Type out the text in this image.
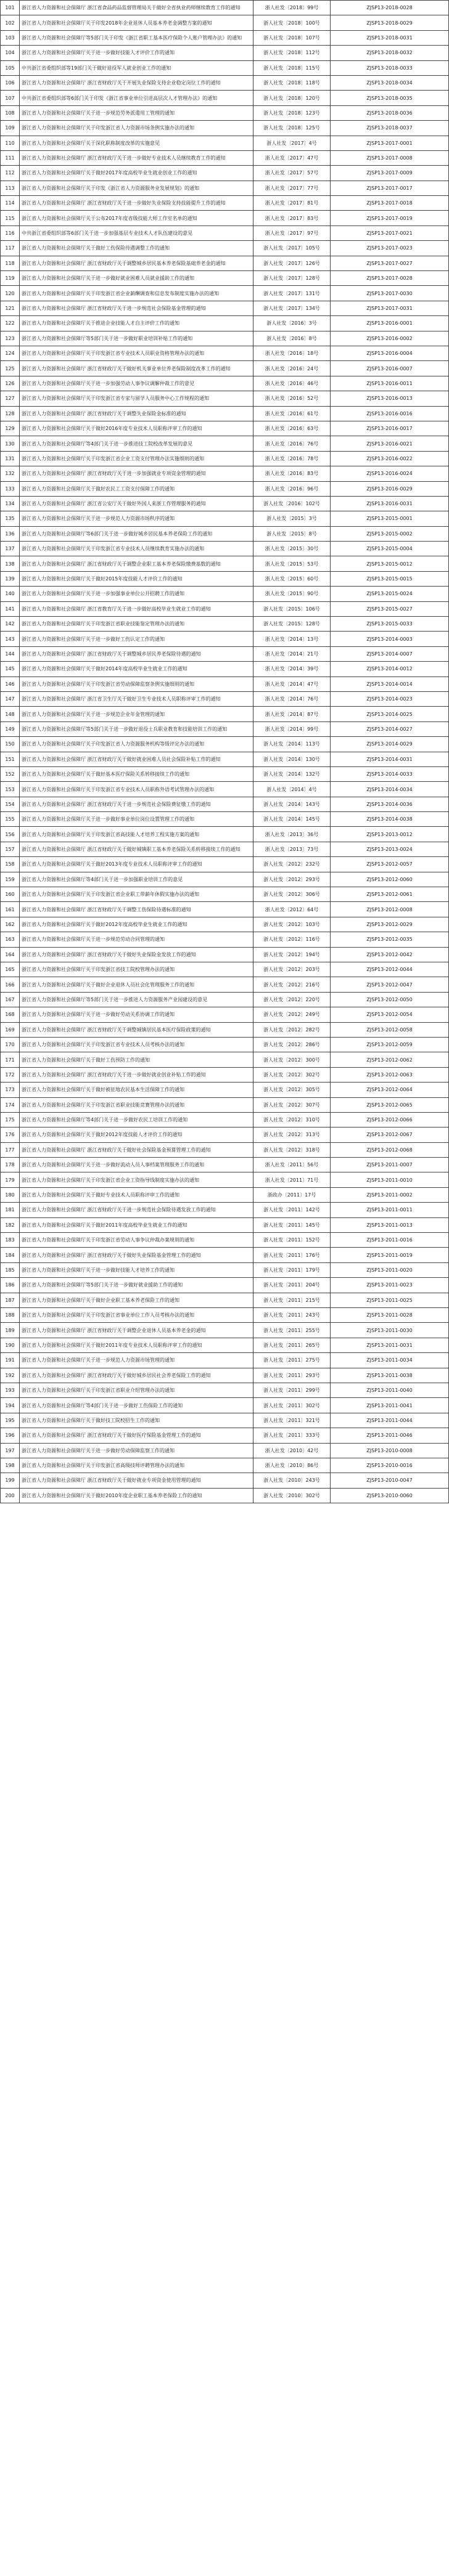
101	浙江省人力资源和社会保障厅 浙江省食品药品监督管理局关于做好全省执业药师继续教育工作的通知	浙人社发〔2018〕99号	ZJSP13-2018-0028
102	浙江省人力资源和社会保障厅关于印发2018年企业退休人员基本养老金调整方案的通知	浙人社发〔2018〕100号	ZJSP13-2018-0029
103	浙江省人力资源和社会保障厅等5部门关于印发《浙江省职工基本医疗保险个人账户管理办法》的通知	浙人社发〔2018〕107号	ZJSP13-2018-0031
104	浙江省人力资源和社会保障厅关于进一步做好技能人才评价工作的通知	浙人社发〔2018〕112号	ZJSP13-2018-0032
105	中共浙江省委组织部等19部门关于做好退役军人就业创业工作的通知	浙人社发〔2018〕115号	ZJSP13-2018-0033
106	浙江省人力资源和社会保障厅 浙江省财政厅关于开展失业保险支持企业稳定岗位工作的通知	浙人社发〔2018〕118号	ZJSP13-2018-0034
107	中共浙江省委组织部等6部门关于印发《浙江省事业单位引进高层次人才管理办法》的通知	浙人社发〔2018〕120号	ZJSP13-2018-0035
108	浙江省人力资源和社会保障厅关于进一步规范劳务派遣用工管理的通知	浙人社发〔2018〕123号	ZJSP13-2018-0036
109	浙江省人力资源和社会保障厅关于印发浙江省人力资源市场条例实施办法的通知	浙人社发〔2018〕125号	ZJSP13-2018-0037
110	浙江省人力资源和社会保障厅关于深化职称制度改革的实施意见	浙人社发〔2017〕4号	ZJSP13-2017-0001
111	浙江省人力资源和社会保障厅 浙江省财政厅关于进一步做好专业技术人员继续教育工作的通知	浙人社发〔2017〕47号	ZJSP13-2017-0008
112	浙江省人力资源和社会保障厅关于做好2017年度高校毕业生就业创业工作的通知	浙人社发〔2017〕57号	ZJSP13-2017-0009
113	浙江省人力资源和社会保障厅关于印发《浙江省人力资源服务业发展规划》的通知	浙人社发〔2017〕77号	ZJSP13-2017-0017
114	浙江省人力资源和社会保障厅 浙江省财政厅关于进一步做好失业保险支持技能提升工作的通知	浙人社发〔2017〕81号	ZJSP13-2017-0018
115	浙江省人力资源和社会保障厅关于公布2017年度省级技能大师工作室名单的通知	浙人社发〔2017〕83号	ZJSP13-2017-0019
116	中共浙江省委组织部等6部门关于进一步加强基层专业技术人才队伍建设的意见	浙人社发〔2017〕97号	ZJSP13-2017-0021
117	浙江省人力资源和社会保障厅关于做好工伤保险待遇调整工作的通知	浙人社发〔2017〕105号	ZJSP13-2017-0023
118	浙江省人力资源和社会保障厅 浙江省财政厅关于调整城乡居民基本养老保险基础养老金的通知	浙人社发〔2017〕126号	ZJSP13-2017-0027
119	浙江省人力资源和社会保障厅关于进一步做好就业困难人员就业援助工作的通知	浙人社发〔2017〕128号	ZJSP13-2017-0028
120	浙江省人力资源和社会保障厅关于印发浙江省企业薪酬调查和信息发布制度实施办法的通知	浙人社发〔2017〕131号	ZJSP13-2017-0030
121	浙江省人力资源和社会保障厅 浙江省财政厅关于进一步规范社会保险基金管理的通知	浙人社发〔2017〕134号	ZJSP13-2017-0031
122	浙江省人力资源和社会保障厅关于推进企业技能人才自主评价工作的通知	浙人社发〔2016〕3号	ZJSP13-2016-0001
123	浙江省人力资源和社会保障厅等5部门关于进一步做好职业培训补贴工作的通知	浙人社发〔2016〕8号	ZJSP13-2016-0002
124	浙江省人力资源和社会保障厅关于印发浙江省专业技术人员职业资格管理办法的通知	浙人社发〔2016〕18号	ZJSP13-2016-0004
125	浙江省人力资源和社会保障厅 浙江省财政厅关于做好机关事业单位养老保险制度改革工作的通知	浙人社发〔2016〕24号	ZJSP13-2016-0007
126	浙江省人力资源和社会保障厅关于进一步加强劳动人事争议调解仲裁工作的意见	浙人社发〔2016〕46号	ZJSP13-2016-0011
127	浙江省人力资源和社会保障厅关于印发浙江省专家与留学人员服务中心工作规程的通知	浙人社发〔2016〕52号	ZJSP13-2016-0013
128	浙江省人力资源和社会保障厅 浙江省财政厅关于调整失业保险金标准的通知	浙人社发〔2016〕61号	ZJSP13-2016-0016
129	浙江省人力资源和社会保障厅关于做好2016年度专业技术人员职称评审工作的通知	浙人社发〔2016〕63号	ZJSP13-2016-0017
130	浙江省人力资源和社会保障厅等4部门关于进一步推进技工院校改革发展的意见	浙人社发〔2016〕76号	ZJSP13-2016-0021
131	浙江省人力资源和社会保障厅关于印发浙江省企业工资支付管理办法实施细则的通知	浙人社发〔2016〕78号	ZJSP13-2016-0022
132	浙江省人力资源和社会保障厅 浙江省财政厅关于进一步加强就业专项资金管理的通知	浙人社发〔2016〕83号	ZJSP13-2016-0024
133	浙江省人力资源和社会保障厅关于做好农民工工资支付保障工作的通知	浙人社发〔2016〕96号	ZJSP13-2016-0029
134	浙江省人力资源和社会保障厅 浙江省公安厅关于做好外国人来浙工作管理服务的通知	浙人社发〔2016〕102号	ZJSP13-2016-0031
135	浙江省人力资源和社会保障厅关于进一步规范人力资源市场秩序的通知	浙人社发〔2015〕3号	ZJSP13-2015-0001
136	浙江省人力资源和社会保障厅等6部门关于进一步做好城乡居民基本养老保险工作的通知	浙人社发〔2015〕8号	ZJSP13-2015-0002
137	浙江省人力资源和社会保障厅关于印发浙江省专业技术人员继续教育实施办法的通知	浙人社发〔2015〕30号	ZJSP13-2015-0004
138	浙江省人力资源和社会保障厅 浙江省财政厅关于调整企业职工基本养老保险缴费基数的通知	浙人社发〔2015〕53号	ZJSP13-2015-0012
139	浙江省人力资源和社会保障厅关于做好2015年度技能人才评价工作的通知	浙人社发〔2015〕60号	ZJSP13-2015-0015
140	浙江省人力资源和社会保障厅关于进一步加强事业单位公开招聘工作的通知	浙人社发〔2015〕90号	ZJSP13-2015-0024
141	浙江省人力资源和社会保障厅 浙江省教育厅关于进一步做好高校毕业生就业工作的通知	浙人社发〔2015〕106号	ZJSP13-2015-0027
142	浙江省人力资源和社会保障厅关于印发浙江省职业技能鉴定管理办法的通知	浙人社发〔2015〕128号	ZJSP13-2015-0033
143	浙江省人力资源和社会保障厅关于进一步做好工伤认定工作的通知	浙人社发〔2014〕13号	ZJSP13-2014-0003
144	浙江省人力资源和社会保障厅 浙江省财政厅关于调整城乡居民养老保险待遇的通知	浙人社发〔2014〕21号	ZJSP13-2014-0007
145	浙江省人力资源和社会保障厅关于做好2014年度高校毕业生就业工作的通知	浙人社发〔2014〕39号	ZJSP13-2014-0012
146	浙江省人力资源和社会保障厅关于印发浙江省劳动保障监察条例实施细则的通知	浙人社发〔2014〕47号	ZJSP13-2014-0014
147	浙江省人力资源和社会保障厅 浙江省卫生厅关于做好卫生专业技术人员职称评审工作的通知	浙人社发〔2014〕76号	ZJSP13-2014-0023
148	浙江省人力资源和社会保障厅关于进一步规范企业年金管理的通知	浙人社发〔2014〕87号	ZJSP13-2014-0025
149	浙江省人力资源和社会保障厅等5部门关于进一步做好退役士兵职业教育和技能培训工作的通知	浙人社发〔2014〕99号	ZJSP13-2014-0027
150	浙江省人力资源和社会保障厅关于印发浙江省人力资源服务机构等级评定办法的通知	浙人社发〔2014〕113号	ZJSP13-2014-0029
151	浙江省人力资源和社会保障厅 浙江省财政厅关于做好就业困难人员社会保险补贴工作的通知	浙人社发〔2014〕130号	ZJSP13-2014-0031
152	浙江省人力资源和社会保障厅关于做好基本医疗保险关系转移接续工作的通知	浙人社发〔2014〕132号	ZJSP13-2014-0033
153	浙江省人力资源和社会保障厅关于印发浙江省专业技术人员职称外语考试管理办法的通知	浙人社发〔2014〕4号	ZJSP13-2014-0034
154	浙江省人力资源和社会保障厅 浙江省财政厅关于进一步规范社会保险费征缴工作的通知	浙人社发〔2014〕143号	ZJSP13-2014-0036
155	浙江省人力资源和社会保障厅关于进一步做好事业单位岗位设置管理工作的通知	浙人社发〔2014〕145号	ZJSP13-2014-0038
156	浙江省人力资源和社会保障厅关于印发浙江省高技能人才培养工程实施方案的通知	浙人社发〔2013〕36号	ZJSP13-2013-0012
157	浙江省人力资源和社会保障厅 浙江省财政厅关于做好城镇职工基本养老保险关系转移接续工作的通知	浙人社发〔2013〕73号	ZJSP13-2013-0024
158	浙江省人力资源和社会保障厅关于做好2013年度专业技术人员职称评审工作的通知	浙人社发〔2012〕232号	ZJSP13-2012-0057
159	浙江省人力资源和社会保障厅等4部门关于进一步加强职业培训工作的意见	浙人社发〔2012〕293号	ZJSP13-2012-0060
160	浙江省人力资源和社会保障厅关于印发浙江省企业职工带薪年休假实施办法的通知	浙人社发〔2012〕306号	ZJSP13-2012-0061
161	浙江省人力资源和社会保障厅 浙江省财政厅关于调整工伤保险待遇标准的通知	浙人社发〔2012〕64号	ZJSP13-2012-0008
162	浙江省人力资源和社会保障厅关于做好2012年度高校毕业生就业工作的通知	浙人社发〔2012〕103号	ZJSP13-2012-0029
163	浙江省人力资源和社会保障厅关于进一步规范劳动合同管理的通知	浙人社发〔2012〕116号	ZJSP13-2012-0035
164	浙江省人力资源和社会保障厅 浙江省财政厅关于做好失业保险金发放工作的通知	浙人社发〔2012〕194号	ZJSP13-2012-0042
165	浙江省人力资源和社会保障厅关于印发浙江省技工院校管理办法的通知	浙人社发〔2012〕203号	ZJSP13-2012-0044
166	浙江省人力资源和社会保障厅关于做好企业退休人员社会化管理服务工作的通知	浙人社发〔2012〕216号	ZJSP13-2012-0047
167	浙江省人力资源和社会保障厅等5部门关于进一步推进人力资源服务产业园建设的意见	浙人社发〔2012〕220号	ZJSP13-2012-0050
168	浙江省人力资源和社会保障厅关于进一步做好劳动关系协调工作的通知	浙人社发〔2012〕249号	ZJSP13-2012-0054
169	浙江省人力资源和社会保障厅 浙江省财政厅关于调整城镇居民基本医疗保险政策的通知	浙人社发〔2012〕282号	ZJSP13-2012-0058
170	浙江省人力资源和社会保障厅关于印发浙江省专业技术人员考核办法的通知	浙人社发〔2012〕286号	ZJSP13-2012-0059
171	浙江省人力资源和社会保障厅关于做好工伤预防工作的通知	浙人社发〔2012〕300号	ZJSP13-2012-0062
172	浙江省人力资源和社会保障厅 浙江省财政厅关于进一步做好就业创业补贴工作的通知	浙人社发〔2012〕302号	ZJSP13-2012-0063
173	浙江省人力资源和社会保障厅关于做好被征地农民基本生活保障工作的通知	浙人社发〔2012〕305号	ZJSP13-2012-0064
174	浙江省人力资源和社会保障厅关于印发浙江省职业技能竞赛管理办法的通知	浙人社发〔2012〕307号	ZJSP13-2012-0065
175	浙江省人力资源和社会保障厅等4部门关于进一步做好农民工培训工作的通知	浙人社发〔2012〕310号	ZJSP13-2012-0066
176	浙江省人力资源和社会保障厅关于做好2012年度技能人才评价工作的通知	浙人社发〔2012〕313号	ZJSP13-2012-0067
177	浙江省人力资源和社会保障厅 浙江省财政厅关于做好社会保险基金预算管理工作的通知	浙人社发〔2012〕318号	ZJSP13-2012-0068
178	浙江省人力资源和社会保障厅关于进一步做好流动人员人事档案管理服务工作的通知	浙人社发〔2011〕56号	ZJSP13-2011-0007
179	浙江省人力资源和社会保障厅关于印发浙江省企业工资指导线制度实施办法的通知	浙人社发〔2011〕71号	ZJSP13-2011-0010
180	浙江省人力资源和社会保障厅关于做好专业技术人员职称评审工作的通知	浙政办〔2011〕17号	ZJSP13-2011-0002
181	浙江省人力资源和社会保障厅 浙江省财政厅关于进一步规范社会保险待遇发放工作的通知	浙人社发〔2011〕142号	ZJSP13-2011-0011
182	浙江省人力资源和社会保障厅关于做好2011年度高校毕业生就业工作的通知	浙人社发〔2011〕145号	ZJSP13-2011-0013
183	浙江省人力资源和社会保障厅关于印发浙江省劳动人事争议仲裁办案规则的通知	浙人社发〔2011〕152号	ZJSP13-2011-0016
184	浙江省人力资源和社会保障厅 浙江省财政厅关于做好失业保险基金管理工作的通知	浙人社发〔2011〕176号	ZJSP13-2011-0019
185	浙江省人力资源和社会保障厅关于进一步做好技能人才培养工作的通知	浙人社发〔2011〕179号	ZJSP13-2011-0020
186	浙江省人力资源和社会保障厅等5部门关于进一步做好就业援助工作的通知	浙人社发〔2011〕204号	ZJSP13-2011-0023
187	浙江省人力资源和社会保障厅关于做好企业职工基本养老保险工作的通知	浙人社发〔2011〕215号	ZJSP13-2011-0025
188	浙江省人力资源和社会保障厅关于印发浙江省事业单位工作人员考核办法的通知	浙人社发〔2011〕243号	ZJSP13-2011-0028
189	浙江省人力资源和社会保障厅 浙江省财政厅关于调整企业退休人员基本养老金的通知	浙人社发〔2011〕255号	ZJSP13-2011-0030
190	浙江省人力资源和社会保障厅关于做好2011年度专业技术人员职称评审工作的通知	浙人社发〔2011〕265号	ZJSP13-2011-0031
191	浙江省人力资源和社会保障厅关于进一步规范人力资源市场管理的通知	浙人社发〔2011〕275号	ZJSP13-2011-0034
192	浙江省人力资源和社会保障厅 浙江省财政厅关于做好城乡居民社会养老保险工作的通知	浙人社发〔2011〕293号	ZJSP13-2011-0038
193	浙江省人力资源和社会保障厅关于印发浙江省职业介绍管理办法的通知	浙人社发〔2011〕299号	ZJSP13-2011-0040
194	浙江省人力资源和社会保障厅等4部门关于进一步做好工伤保险工作的通知	浙人社发〔2011〕302号	ZJSP13-2011-0041
195	浙江省人力资源和社会保障厅关于做好技工院校招生工作的通知	浙人社发〔2011〕321号	ZJSP13-2011-0044
196	浙江省人力资源和社会保障厅 浙江省财政厅关于做好医疗保险基金管理工作的通知	浙人社发〔2011〕333号	ZJSP13-2011-0046
197	浙江省人力资源和社会保障厅关于进一步做好劳动保障监察工作的通知	浙人社发〔2010〕42号	ZJSP13-2010-0008
198	浙江省人力资源和社会保障厅关于印发浙江省高级技师评聘管理办法的通知	浙人社发〔2010〕86号	ZJSP13-2010-0016
199	浙江省人力资源和社会保障厅 浙江省财政厅关于做好就业专项资金使用管理的通知	浙人社发〔2010〕243号	ZJSP13-2010-0047
200	浙江省人力资源和社会保障厅关于做好2010年度企业职工基本养老保险工作的通知	浙人社发〔2010〕302号	ZJSP13-2010-0060
